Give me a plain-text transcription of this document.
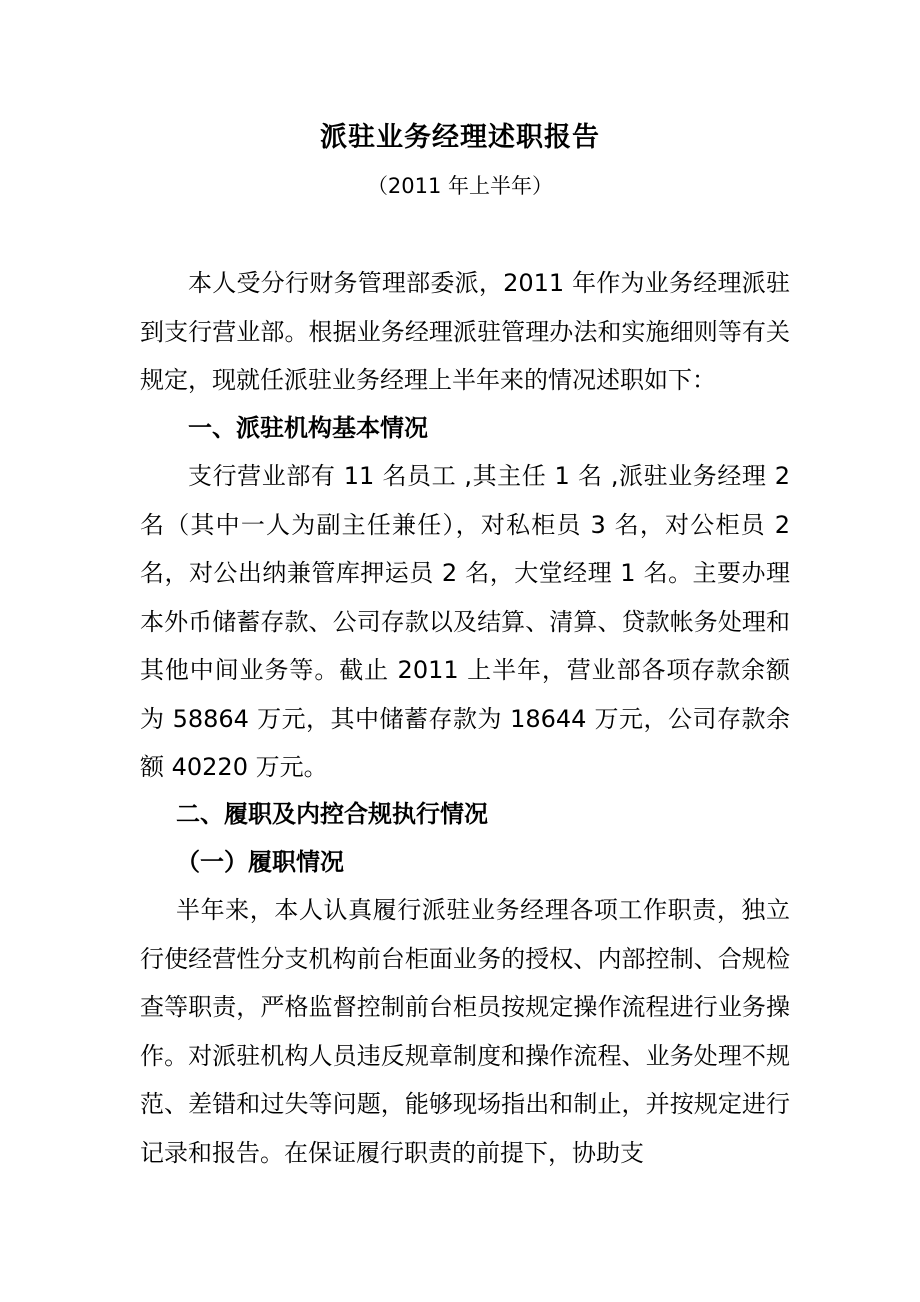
派驻业务经理述职报告
（2011 年上半年）
本人受分行财务管理部委派，2011 年作为业务经理派驻到支行营业部。根据业务经理派驻管理办法和实施细则等有关规定，现就任派驻业务经理上半年来的情况述职如下：
一、派驻机构基本情况
支行营业部有 11 名员工 ,其主任 1 名 ,派驻业务经理 2 名（其中一人为副主任兼任），对私柜员 3 名，对公柜员 2 名，对公出纳兼管库押运员 2 名，大堂经理 1 名。主要办理本外币储蓄存款、公司存款以及结算、清算、贷款帐务处理和其他中间业务等。截止 2011 上半年，营业部各项存款余额为 58864 万元，其中储蓄存款为 18644 万元，公司存款余额 40220 万元。
二、履职及内控合规执行情况
（一）履职情况
半年来，本人认真履行派驻业务经理各项工作职责，独立行使经营性分支机构前台柜面业务的授权、内部控制、合规检查等职责，严格监督控制前台柜员按规定操作流程进行业务操作。对派驻机构人员违反规章制度和操作流程、业务处理不规范、差错和过失等问题，能够现场指出和制止，并按规定进行记录和报告。在保证履行职责的前提下，协助支
